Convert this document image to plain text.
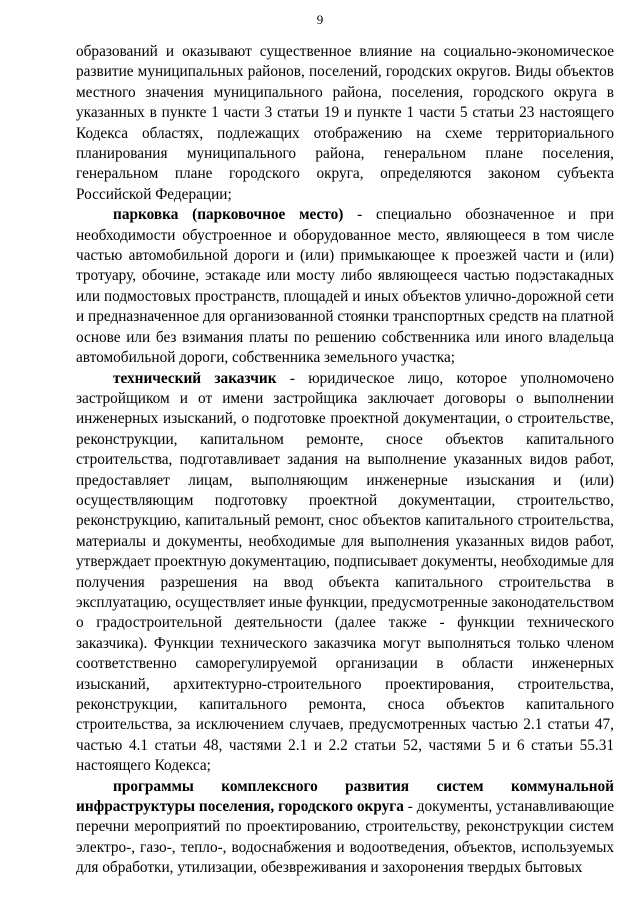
9

образований и оказывают существенное влияние на социально-экономическое развитие муниципальных районов, поселений, городских округов. Виды объектов местного значения муниципального района, поселения, городского округа в указанных в пункте 1 части 3 статьи 19 и пункте 1 части 5 статьи 23 настоящего Кодекса областях, подлежащих отображению на схеме территориального планирования муниципального района, генеральном плане поселения, генеральном плане городского округа, определяются законом субъекта Российской Федерации;

парковка (парковочное место) - специально обозначенное и при необходимости обустроенное и оборудованное место, являющееся в том числе частью автомобильной дороги и (или) примыкающее к проезжей части и (или) тротуару, обочине, эстакаде или мосту либо являющееся частью подэстакадных или подмостовых пространств, площадей и иных объектов улично-дорожной сети и предназначенное для организованной стоянки транспортных средств на платной основе или без взимания платы по решению собственника или иного владельца автомобильной дороги, собственника земельного участка;

технический заказчик - юридическое лицо, которое уполномочено застройщиком и от имени застройщика заключает договоры о выполнении инженерных изысканий, о подготовке проектной документации, о строительстве, реконструкции, капитальном ремонте, сносе объектов капитального строительства, подготавливает задания на выполнение указанных видов работ, предоставляет лицам, выполняющим инженерные изыскания и (или) осуществляющим подготовку проектной документации, строительство, реконструкцию, капитальный ремонт, снос объектов капитального строительства, материалы и документы, необходимые для выполнения указанных видов работ, утверждает проектную документацию, подписывает документы, необходимые для получения разрешения на ввод объекта капитального строительства в эксплуатацию, осуществляет иные функции, предусмотренные законодательством о градостроительной деятельности (далее также - функции технического заказчика). Функции технического заказчика могут выполняться только членом соответственно саморегулируемой организации в области инженерных изысканий, архитектурно-строительного проектирования, строительства, реконструкции, капитального ремонта, сноса объектов капитального строительства, за исключением случаев, предусмотренных частью 2.1 статьи 47, частью 4.1 статьи 48, частями 2.1 и 2.2 статьи 52, частями 5 и 6 статьи 55.31 настоящего Кодекса;

программы комплексного развития систем коммунальной инфраструктуры поселения, городского округа - документы, устанавливающие перечни мероприятий по проектированию, строительству, реконструкции систем электро-, газо-, тепло-, водоснабжения и водоотведения, объектов, используемых для обработки, утилизации, обезвреживания и захоронения твердых бытовых
